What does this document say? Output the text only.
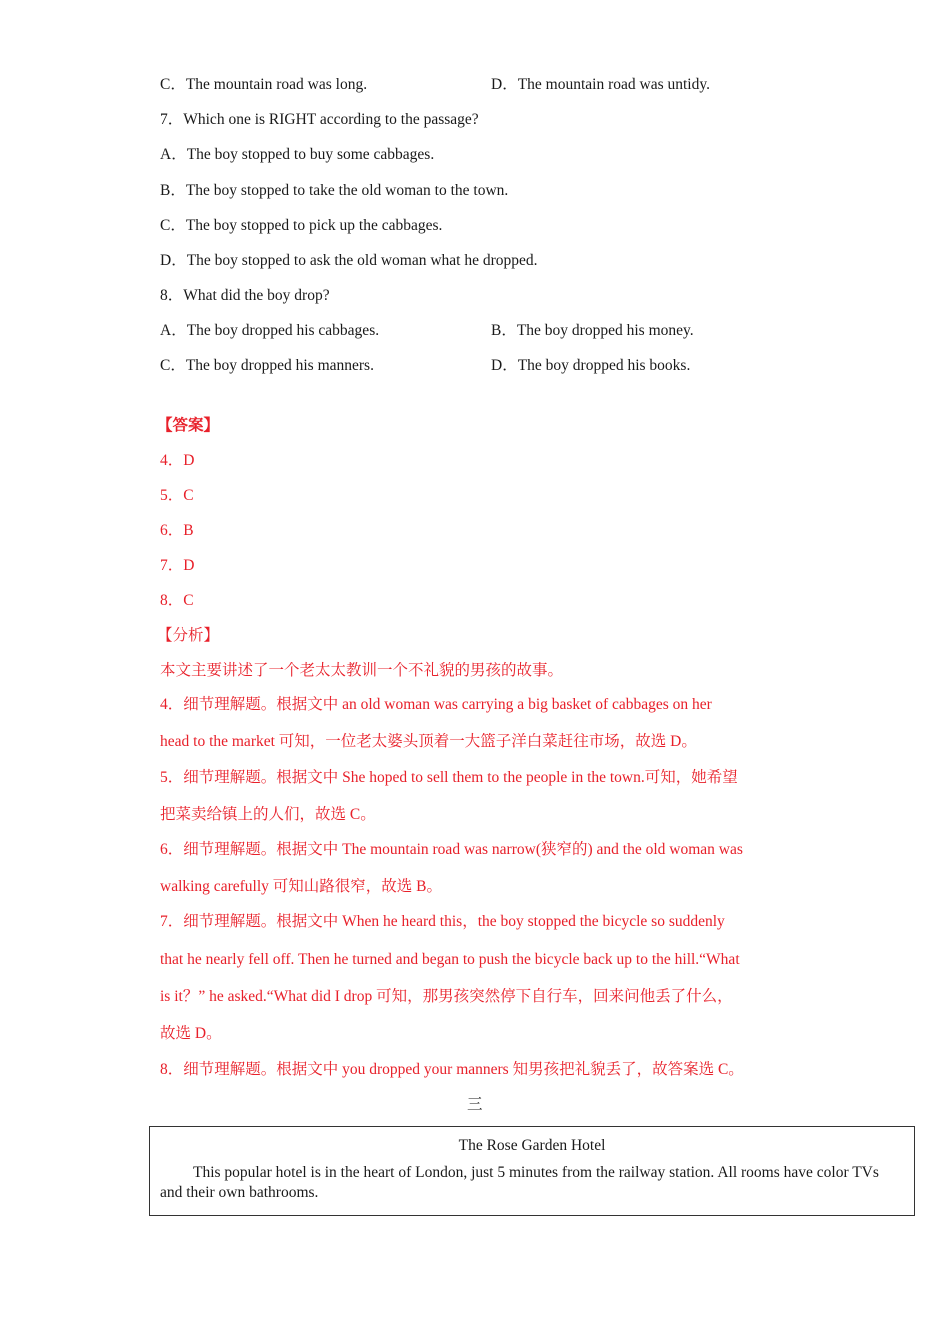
C．The mountain road was long.	D．The mountain road was untidy.
7．Which one is RIGHT according to the passage?
A．The boy stopped to buy some cabbages.
B．The boy stopped to take the old woman to the town.
C．The boy stopped to pick up the cabbages.
D．The boy stopped to ask the old woman what he dropped.
8．What did the boy drop?
A．The boy dropped his cabbages.	B．The boy dropped his money.
C．The boy dropped his manners.	D．The boy dropped his books.
【答案】
4．D
5．C
6．B
7．D
8．C
【分析】
本文主要讲述了一个老太太教训一个不礼貌的男孩的故事。
4．细节理解题。根据文中 an old woman was carrying a big basket of cabbages on her
head to the market 可知，一位老太婆头顶着一大篮子洋白菜赶往市场，故选 D。
5．细节理解题。根据文中 She hoped to sell them to the people in the town.可知，她希望
把菜卖给镇上的人们，故选 C。
6．细节理解题。根据文中 The mountain road was narrow(狭窄的) and the old woman was
walking carefully 可知山路很窄，故选 B。
7．细节理解题。根据文中 When he heard this，the boy stopped the bicycle so suddenly
that he nearly fell off. Then he turned and began to push the bicycle back up to the hill.“What
is it？” he asked.“What did I drop 可知，那男孩突然停下自行车，回来问他丢了什么，
故选 D。
8．细节理解题。根据文中 you dropped your manners 知男孩把礼貌丢了，故答案选 C。
三
The Rose Garden Hotel
This popular hotel is in the heart of London, just 5 minutes from the railway station. All rooms have color TVs and their own bathrooms.
